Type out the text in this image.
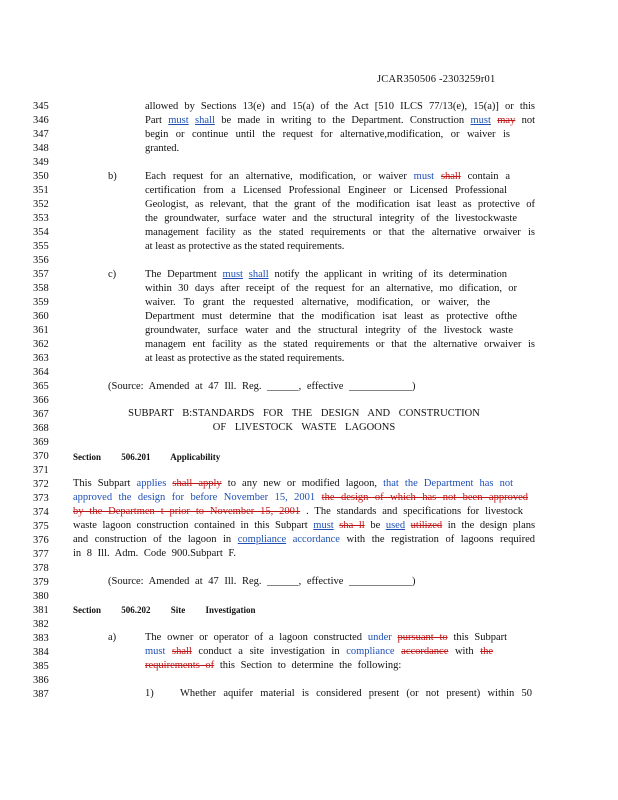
JCAR350506 -2303259r01
345
346
347
348
349
350
351
352
353
354
355
356
357
358
359
360
361
362
363
364
365
366
367
368
369
370
371
372
373
374
375
376
377
378
379
380
381
382
383
384
385
386
387
allowed by Sections 13(e) and 15(a) of the Act [510 ILCS 77/13(e), 15(a)] or this
Part must shall be made in writing to the Department. Construction must may not
begin or continue until the request for alternative,modification, or waiver is
granted.
b)	Each request for an alternative, modification, or waiver must shall contain a
certification from a Licensed Professional Engineer or Licensed Professional
Geologist, as relevant, that the grant of the modification isat least as protective of
the groundwater, surface water and the structural integrity of the livestockwaste
management facility as the stated requirements or that the alternative orwaiver is
at least as protective as the stated requirements.
c)	The Department must shall notify the applicant in writing of its determination
within 30 days after receipt of the request for an alternative, mo dification, or
waiver. To grant the requested alternative, modification, or waiver, the
Department must determine that the modification isat least as protective ofthe
groundwater, surface water and the structural integrity of the livestock waste
managem ent facility as the stated requirements or that the alternative orwaiver is
at least as protective as the stated requirements.
(Source: Amended at 47 Ill. Reg. ______, effective ____________)
SUBPART B:STANDARDS FOR THE DESIGN AND CONSTRUCTION
OF LIVESTOCK WASTE LAGOONS
Section 506.201 Applicability
This Subpart applies shall apply to any new or modified lagoon, that the Department has not
approved the design for before November 15, 2001 the design of which has not been approved
by the Departmen t prior to November 15, 2001 . The standards and specifications for livestock
waste lagoon construction contained in this Subpart must sha ll be used utilized in the design plans
and construction of the lagoon in compliance accordance with the registration of lagoons required
in 8 Ill. Adm. Code 900.Subpart F.
(Source: Amended at 47 Ill. Reg. ______, effective ____________)
Section 506.202 Site Investigation
a)	The owner or operator of a lagoon constructed under pursuant to this Subpart
must shall conduct a site investigation in compliance accordance with the
requirements of this Section to determine the following:
1)	Whether aquifer material is considered present (or not present) within 50
